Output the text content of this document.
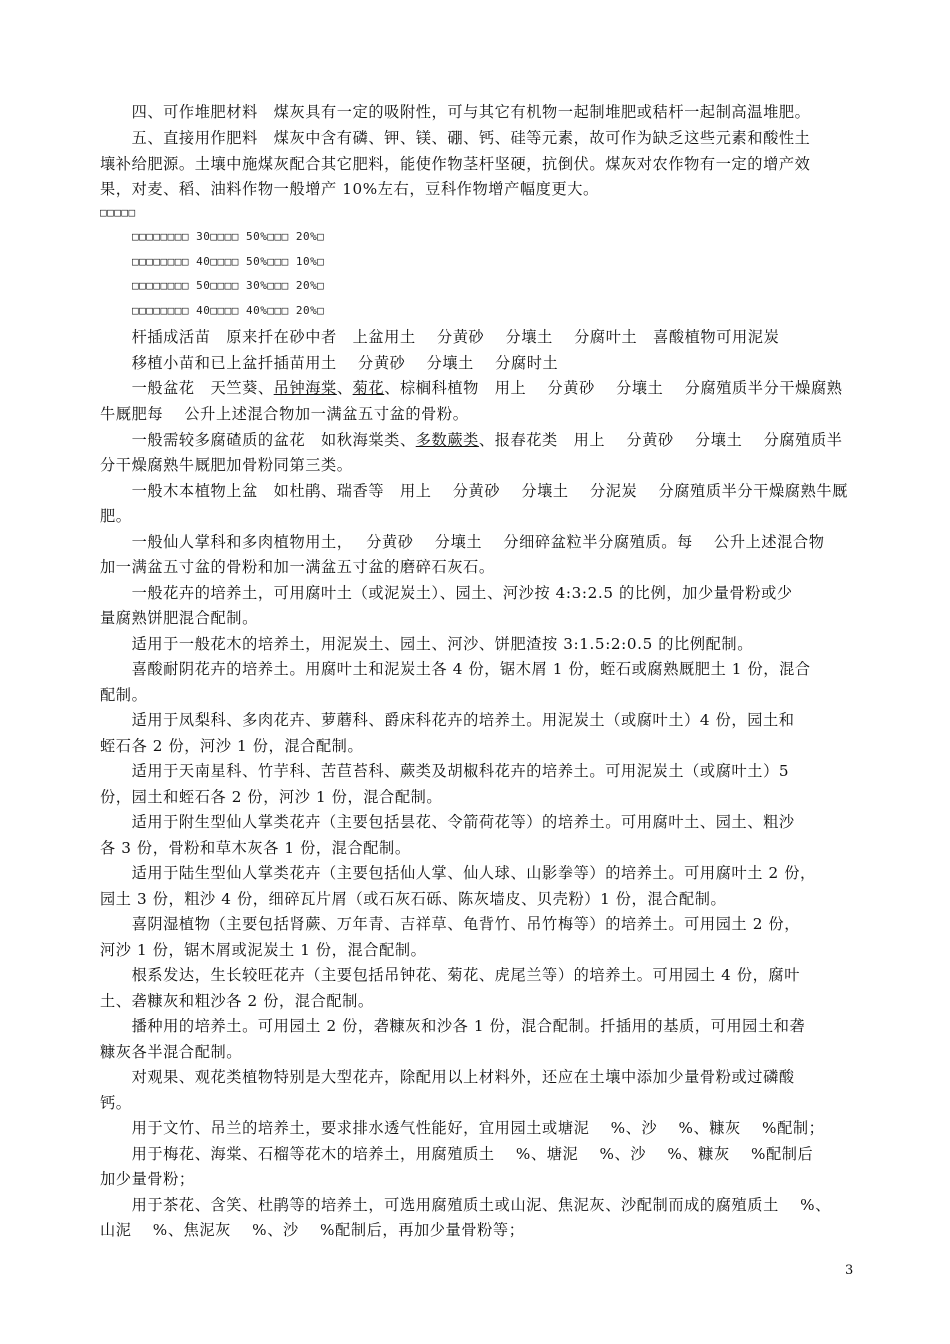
　　四、可作堆肥材料　煤灰具有一定的吸附性，可与其它有机物一起制堆肥或秸杆一起制高温堆肥。
　　五、直接用作肥料　煤灰中含有磷、钾、镁、硼、钙、硅等元素，故可作为缺乏这些元素和酸性土
壤补给肥源。土壤中施煤灰配合其它肥料，能使作物茎杆坚硬，抗倒伏。煤灰对农作物有一定的增产效
果，对麦、稻、油料作物一般增产 10%左右，豆科作物增产幅度更大。
□□□□□
□□□□□□□□ 30□□□□ 50%□□□ 20%□
□□□□□□□□ 40□□□□ 50%□□□ 10%□
□□□□□□□□ 50□□□□ 30%□□□ 20%□
□□□□□□□□ 40□□□□ 40%□□□ 20%□
　　杆插成活苗　原来扦在砂中者　上盆用土　 分黄砂　 分壤土　 分腐叶土　喜酸植物可用泥炭
　　移植小苗和已上盆扦插苗用土　 分黄砂　 分壤土　 分腐时土
　　一般盆花　天竺葵、吊钟海棠、菊花、棕榈科植物　用上　 分黄砂　 分壤土　 分腐殖质半分干燥腐熟
牛厩肥每　 公升上述混合物加一满盆五寸盆的骨粉。
　　一般需较多腐碴质的盆花　如秋海棠类、多数蕨类、报春花类　用上　 分黄砂　 分壤土　 分腐殖质半
分干燥腐熟牛厩肥加骨粉同第三类。
　　一般木本植物上盆　如杜鹃、瑞香等　用上　 分黄砂　 分壤土　 分泥炭　 分腐殖质半分干燥腐熟牛厩
肥。
　　一般仙人掌科和多肉植物用土，　 分黄砂　 分壤土　 分细碎盆粒半分腐殖质。每　 公升上述混合物
加一满盆五寸盆的骨粉和加一满盆五寸盆的磨碎石灰石。
　　一般花卉的培养土，可用腐叶土（或泥炭土）、园土、河沙按 4:3:2.5 的比例，加少量骨粉或少
量腐熟饼肥混合配制。
　　适用于一般花木的培养土，用泥炭土、园土、河沙、饼肥渣按 3:1.5:2:0.5 的比例配制。
　　喜酸耐阴花卉的培养土。用腐叶土和泥炭土各 4 份，锯木屑 1 份，蛭石或腐熟厩肥土 1 份，混合
配制。
　　适用于凤梨科、多肉花卉、萝蘑科、爵床科花卉的培养土。用泥炭土（或腐叶土）4 份，园土和
蛭石各 2 份，河沙 1 份，混合配制。
　　适用于天南星科、竹芋科、苦苣苔科、蕨类及胡椒科花卉的培养土。可用泥炭土（或腐叶土）5
份，园土和蛭石各 2 份，河沙 1 份，混合配制。
　　适用于附生型仙人掌类花卉（主要包括昙花、令箭荷花等）的培养土。可用腐叶土、园土、粗沙
各 3 份，骨粉和草木灰各 1 份，混合配制。
　　适用于陆生型仙人掌类花卉（主要包括仙人掌、仙人球、山影拳等）的培养土。可用腐叶土 2 份，
园土 3 份，粗沙 4 份，细碎瓦片屑（或石灰石砾、陈灰墙皮、贝壳粉）1 份，混合配制。
　　喜阴湿植物（主要包括肾蕨、万年青、吉祥草、龟背竹、吊竹梅等）的培养土。可用园土 2 份，
河沙 1 份，锯木屑或泥炭土 1 份，混合配制。
　　根系发达，生长较旺花卉（主要包括吊钟花、菊花、虎尾兰等）的培养土。可用园土 4 份，腐叶
土、砻糠灰和粗沙各 2 份，混合配制。
　　播种用的培养土。可用园土 2 份，砻糠灰和沙各 1 份，混合配制。扦插用的基质，可用园土和砻
糠灰各半混合配制。
　　对观果、观花类植物特别是大型花卉，除配用以上材料外，还应在土壤中添加少量骨粉或过磷酸
钙。
　　用于文竹、吊兰的培养土，要求排水透气性能好，宜用园土或塘泥　 %、沙　 %、糠灰　 %配制；
　　用于梅花、海棠、石榴等花木的培养土，用腐殖质土　 %、塘泥　 %、沙　 %、糠灰　 %配制后
加少量骨粉；
　　用于茶花、含笑、杜鹃等的培养土，可选用腐殖质土或山泥、焦泥灰、沙配制而成的腐殖质土　 %、
山泥　 %、焦泥灰　 %、沙　 %配制后，再加少量骨粉等；
3
